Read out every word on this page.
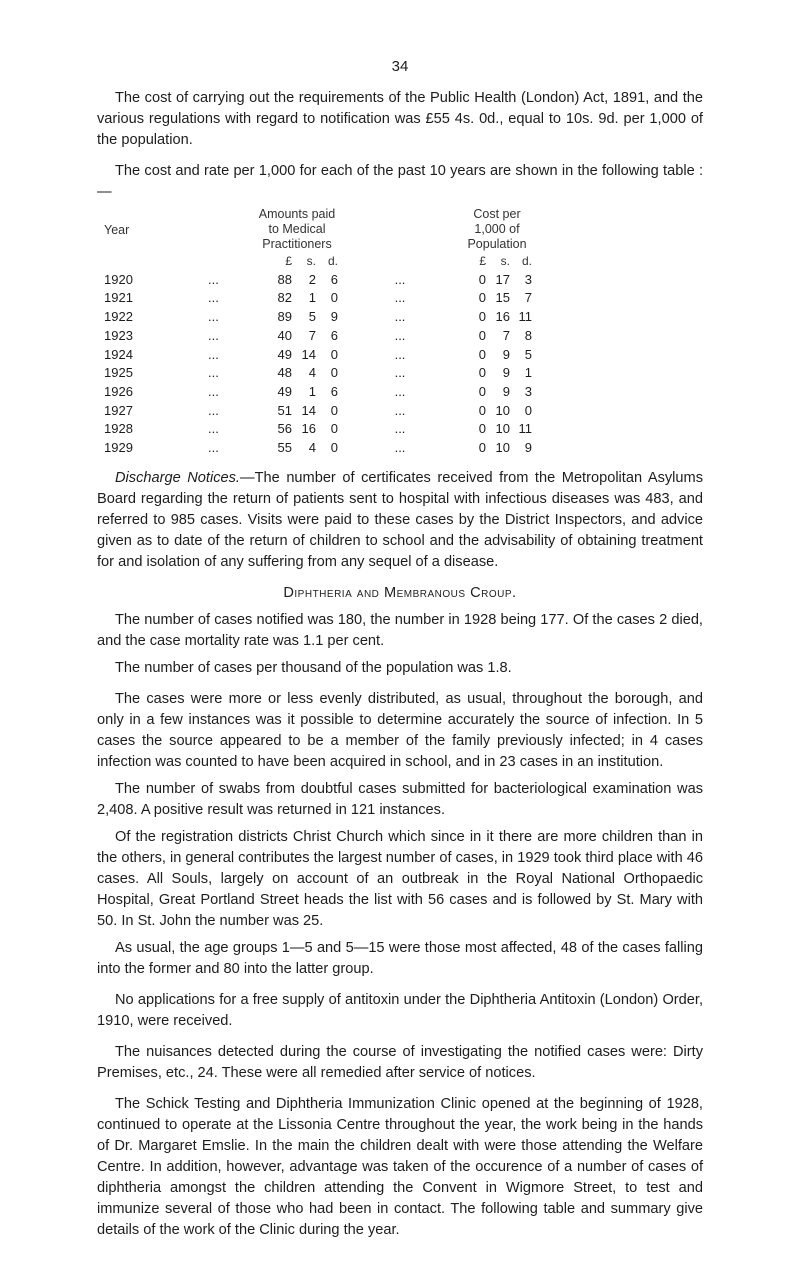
34

The cost of carrying out the requirements of the Public Health (London) Act, 1891, and the various regulations with regard to notification was £55 4s. 0d., equal to 10s. 9d. per 1,000 of the population.

The cost and rate per 1,000 for each of the past 10 years are shown in the following table :—

Year		Amounts paid to Medical Practitioners				Cost per 1,000 of Population			
		£	s.	d.		£	s.	d.	
1920	...	88	2	6	...	0	17	3	
1921	...	82	1	0	...	0	15	7	
1922	...	89	5	9	...	0	16	11	
1923	...	40	7	6	...	0	7	8	
1924	...	49	14	0	...	0	9	5	
1925	...	48	4	0	...	0	9	1	
1926	...	49	1	6	...	0	9	3	
1927	...	51	14	0	...	0	10	0	
1928	...	56	16	0	...	0	10	11	
1929	...	55	4	0	...	0	10	9	

Discharge Notices.—The number of certificates received from the Metropolitan Asylums Board regarding the return of patients sent to hospital with infectious diseases was 483, and referred to 985 cases. Visits were paid to these cases by the District Inspectors, and advice given as to date of the return of children to school and the advisability of obtaining treatment for and isolation of any suffering from any sequel of a disease.

Diphtheria and Membranous Croup.

The number of cases notified was 180, the number in 1928 being 177. Of the cases 2 died, and the case mortality rate was 1.1 per cent.

The number of cases per thousand of the population was 1.8.

The cases were more or less evenly distributed, as usual, throughout the borough, and only in a few instances was it possible to determine accurately the source of infection. In 5 cases the source appeared to be a member of the family previously infected; in 4 cases infection was counted to have been acquired in school, and in 23 cases in an institution.

The number of swabs from doubtful cases submitted for bacteriological examination was 2,408. A positive result was returned in 121 instances.

Of the registration districts Christ Church which since in it there are more children than in the others, in general contributes the largest number of cases, in 1929 took third place with 46 cases. All Souls, largely on account of an outbreak in the Royal National Orthopaedic Hospital, Great Portland Street heads the list with 56 cases and is followed by St. Mary with 50. In St. John the number was 25.

As usual, the age groups 1—5 and 5—15 were those most affected, 48 of the cases falling into the former and 80 into the latter group.

No applications for a free supply of antitoxin under the Diphtheria Antitoxin (London) Order, 1910, were received.

The nuisances detected during the course of investigating the notified cases were: Dirty Premises, etc., 24. These were all remedied after service of notices.

The Schick Testing and Diphtheria Immunization Clinic opened at the beginning of 1928, continued to operate at the Lissonia Centre throughout the year, the work being in the hands of Dr. Margaret Emslie. In the main the children dealt with were those attending the Welfare Centre. In addition, however, advantage was taken of the occurence of a number of cases of diphtheria amongst the children attending the Convent in Wigmore Street, to test and immunize several of those who had been in contact. The following table and summary give details of the work of the Clinic during the year.
